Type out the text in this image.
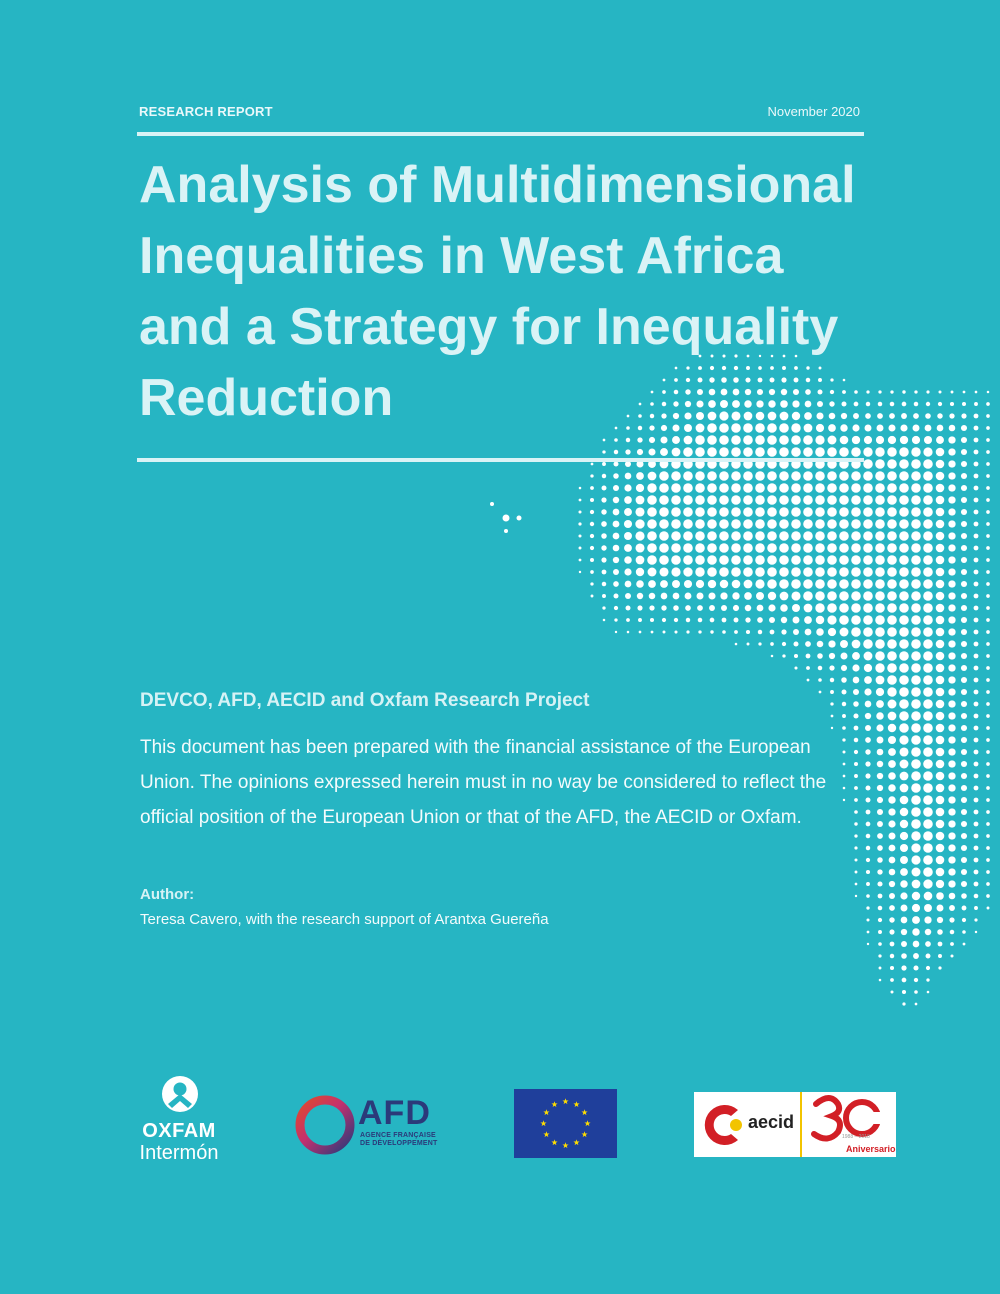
RESEARCH REPORT	November 2020
Analysis of Multidimensional
Inequalities in West Africa
and a Strategy for Inequality
Reduction
DEVCO, AFD, AECID and Oxfam Research Project

This document has been prepared with the financial assistance of the European Union. The opinions expressed herein must in no way be considered to reflect the official position of the European Union or that of the AFD, the AECID or Oxfam.

Author:
Teresa Cavero, with the research support of Arantxa Guereña
OXFAM
Intermón
AFD
AGENCE FRANÇAISE
DE DÉVELOPPEMENT
aecid
1988 – 2018
Aniversario
